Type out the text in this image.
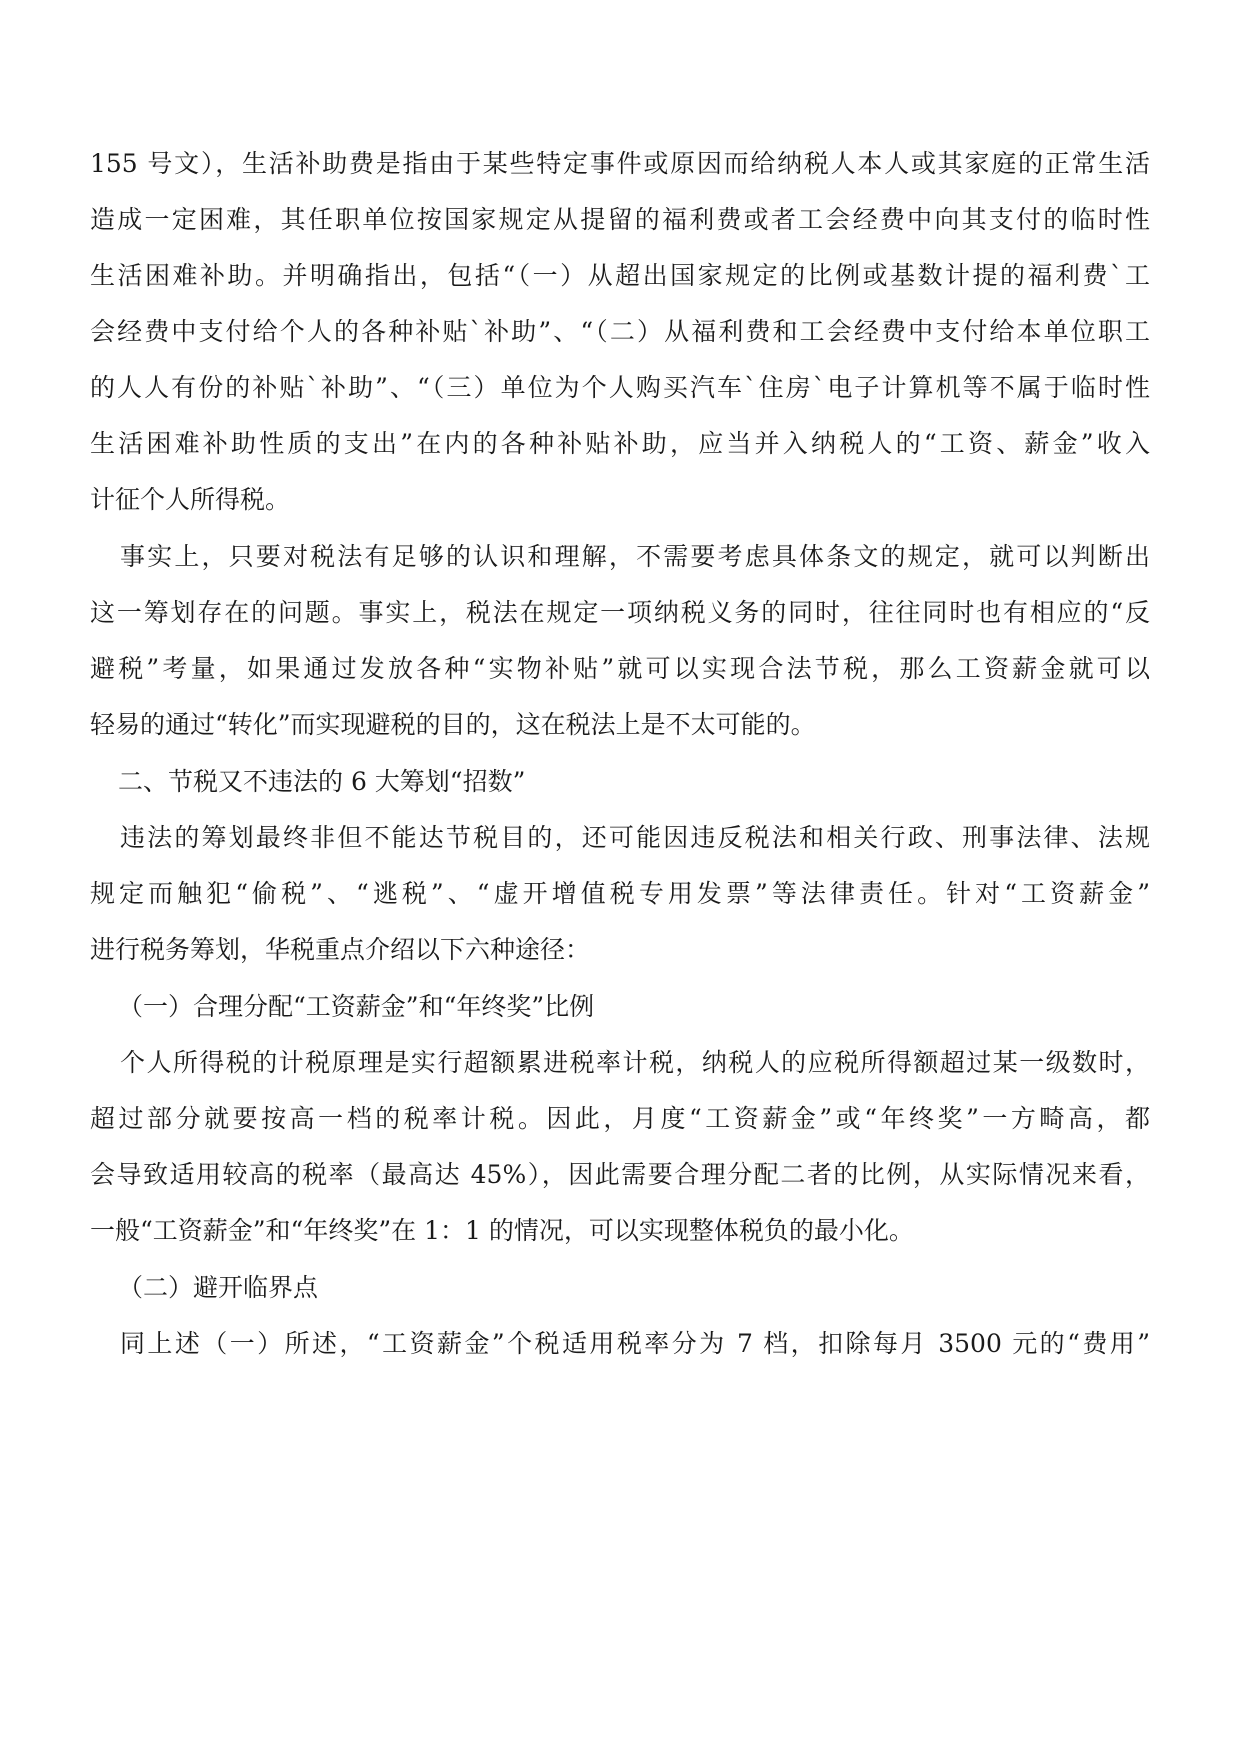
155 号文），生活补助费是指由于某些特定事件或原因而给纳税人本人或其家庭的正常生活
造成一定困难，其任职单位按国家规定从提留的福利费或者工会经费中向其支付的临时性
生活困难补助。并明确指出，包括“（一）从超出国家规定的比例或基数计提的福利费`工
会经费中支付给个人的各种补贴`补助”、“（二）从福利费和工会经费中支付给本单位职工
的人人有份的补贴`补助”、“（三）单位为个人购买汽车`住房`电子计算机等不属于临时性
生活困难补助性质的支出”在内的各种补贴补助，应当并入纳税人的“工资、薪金”收入
计征个人所得税。
事实上，只要对税法有足够的认识和理解，不需要考虑具体条文的规定，就可以判断出
这一筹划存在的问题。事实上，税法在规定一项纳税义务的同时，往往同时也有相应的“反
避税”考量，如果通过发放各种“实物补贴”就可以实现合法节税，那么工资薪金就可以
轻易的通过“转化”而实现避税的目的，这在税法上是不太可能的。
二、节税又不违法的 6 大筹划“招数”
违法的筹划最终非但不能达节税目的，还可能因违反税法和相关行政、刑事法律、法规
规定而触犯“偷税”、“逃税”、“虚开增值税专用发票”等法律责任。针对“工资薪金”
进行税务筹划，华税重点介绍以下六种途径：
（一）合理分配“工资薪金”和“年终奖”比例
个人所得税的计税原理是实行超额累进税率计税，纳税人的应税所得额超过某一级数时，
超过部分就要按高一档的税率计税。因此，月度“工资薪金”或“年终奖”一方畸高，都
会导致适用较高的税率（最高达 45%），因此需要合理分配二者的比例，从实际情况来看，
一般“工资薪金”和“年终奖”在 1：1 的情况，可以实现整体税负的最小化。
（二）避开临界点
同上述（一）所述，“工资薪金”个税适用税率分为 7 档，扣除每月 3500 元的“费用”
